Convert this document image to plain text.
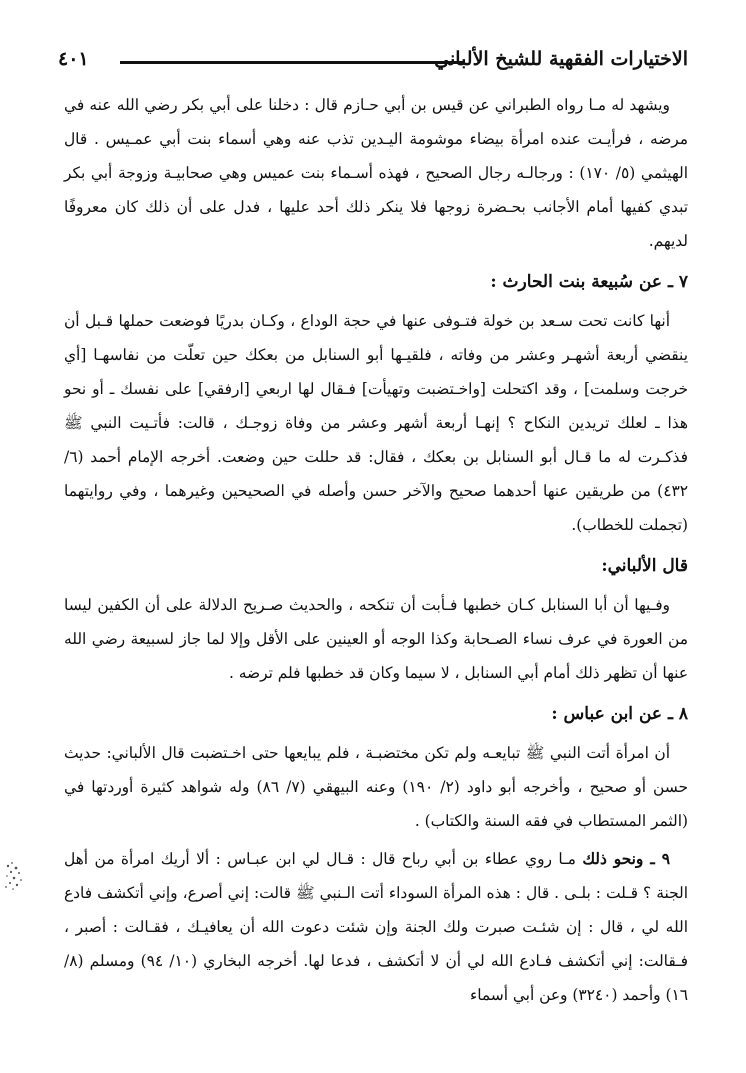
الاختيارات الفقهية للشيخ الألباني
٤٠١

ويشهد له مـا رواه الطبراني عن قيس بن أبي حـازم قال : دخلنا على أبي بكر رضي الله عنه في مرضه ، فرأيـت عنده امرأة بيضاء موشومة اليـدين تذب عنه وهي أسماء بنت أبي عمـيس . قال الهيثمي (٥/ ١٧٠) : ورجالـه رجال الصحيح ، فهذه أسـماء بنت عميس وهي صحابيـة وزوجة أبي بكر تبدي كفيها أمام الأجانب بحـضرة زوجها فلا ينكر ذلك أحد عليها ، فدل على أن ذلك كان معروفًا لديهم.

٧ ـ عن سُبيعة بنت الحارث :

أنها كانت تحت سـعد بن خولة فتـوفى عنها في حجة الوداع ، وكـان بدريًا فوضعت حملها قـبل أن ينقضي أربعة أشهـر وعشر من وفاته ، فلقيـها أبو السنابل من بعكك حين تعلّت من نفاسهـا [أي خرجت وسلمت] ، وقد اكتحلت [واخـتضبت وتهيأت] فـقال لها اربعي [ارفقي] على نفسك ـ أو نحو هذا ـ لعلك تريدين النكاح ؟ إنهـا أربعة أشهر وعشر من وفاة زوجـك ، قالت: فأتـيت النبي ﷺ فذكـرت له ما قـال أبو السنابل بن بعكك ، فقال: قد حللت حين وضعت. أخرجه الإمام أحمد (٦/ ٤٣٢) من طريقين عنها أحدهما صحيح والآخر حسن وأصله في الصحيحين وغيرهما ، وفي روايتهما (تجملت للخطاب).

قال الألباني:

وفـيها أن أبا السنابل كـان خطبها فـأبت أن تنكحه ، والحديث صـريح الدلالة على أن الكفين ليسا من العورة في عرف نساء الصـحابة وكذا الوجه أو العينين على الأقل وإلا لما جاز لسبيعة رضي الله عنها أن تظهر ذلك أمام أبي السنابل ، لا سيما وكان قد خطبها فلم ترضه .

٨ ـ عن ابن عباس :

أن امرأة أتت النبي ﷺ تبايعـه ولم تكن مختضبـة ، فلم يبايعها حتى اخـتضبت قال الألباني: حديث حسن أو صحيح ، وأخرجه أبو داود (٢/ ١٩٠) وعنه البيهقي (٧/ ٨٦) وله شواهد كثيرة أوردتها في (الثمر المستطاب في فقه السنة والكتاب) .

٩ ـ ونحو ذلك مـا روي عطاء بن أبي رباح قال : قـال لي ابن عبـاس : ألا أريك امرأة من أهل الجنة ؟ قـلت : بلـى . قال : هذه المرأة السوداء أتت الـنبي ﷺ قالت: إني أصرع، وإني أتكشف فادع الله لي ، قال : إن شئـت صبرت ولك الجنة وإن شئت دعوت الله أن يعافيـك ، فقـالت : أصبر ، فـقالت: إني أتكشف فـادع الله لي أن لا أتكشف ، فدعا لها. أخرجه البخاري (١٠/ ٩٤) ومسلم (٨/ ١٦) وأحمد (٣٢٤٠) وعن أبي أسماء
